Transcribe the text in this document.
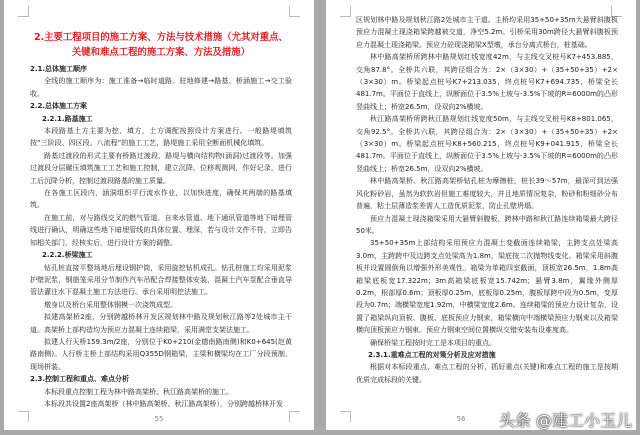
2.主要工程项目的施工方案、方法与技术措施（尤其对重点、关键和难点工程的施工方案、方法及措施）
2.1.总体施工顺序

全线的施工顺序为：施工准备→临时道路、驻地修建→路基、桥涵施工→交工验收。

2.2.总体施工方案
2.2.1.路基施工

本段路基土方主要为挖、填方，土方调配按照设计方案进行。一般路堤填筑按“三阶段、四区段、八流程”的施工工艺，路堤施工采用全断面机械化填筑。

路基过渡段的形式主要有桥路过渡段、路堤与横向结构物(涵洞)过渡段等。加强过渡段分层碾压填筑施工工艺和施工控制，建立沉降、位移观测网，作好记录，进行工后沉降分析，控制过渡段路基的施工质量。

在各施工区段内，涵洞组织平行流水作业，以加快进度，确保其两端的路基填筑。

在施工前，对与路线交叉的燃气管道、自来水管道、地下通讯管道等地下暗埋管线进行确认，明确这些地下暗埋管线的具体位置、埋深，若与设计文件不符，立即告知相关部门，经核实后，进行设计方案的调整。

2.2.2.桥梁施工

钻孔桩直接平整场地后埋设钢护筒，采用旋挖钻机成孔。钻孔桩施工均采用泥浆护壁泥浆，钢筋笼采用分节制作汽车吊配合焊接整体安装，混凝土汽车泵配合垂直导管法灌注水下混凝土施工方法进行。承台采用明挖法施工。

墩身以及桥台采用整体钢模一次浇筑成型。

拟建高架桥2座，分别跨越桥林开发区规划林中路及规划秋江路等2处城市主干道。高架桥上部构造均为预应力混凝土连续箱梁，采用满堂支架法施工。

拟建人行天桥159.3m/2座，分别位于K0+210(金德南路南侧)和K0+645(赵黄路南侧)。人行桥主桥上部结构采用Q355D钢箱梁，主梁和横梁均在工厂分段预制，现场拼装。

2.3.控制工程和重点、难点分析

本标段重点控制工程为林中路高架桥、秋江路高架桥的施工。

本标段共设置2座高架桥（林中路高架桥、秋江路高架桥），分别跨越桥林开发

55

区规划林中路及规划秋江路2处城市主干道。主桥均采用35+50+35m大悬臂斜腹板预应力混凝土现浇箱梁跨越被交道，净空5.2m。引桥采用30m跨径大悬臂斜腹板预应力混凝土现浇箱梁。预应力砼现浇箱梁X型墩，承台分离式桥台，桩基础。

林中路高架桥所跨林中路规划红线宽度42m，与主线交叉桩号K7+453.885，交角87.8°。全桥共六联，其跨径组合为：2×（3×30）+（35+50+35）+2×（3×30）m。桥梁起点桩号K7+213.035，终点桩号K7+694.735，桥梁全长481.7m。平面位于直线上，纵断面位于3.5%上坡与-3.5%下坡的R=6000m的凸形竖曲线上；桥宽26.5m，设双向2%横坡。

秋江路高架桥所跨秋江路规划红线宽度50m，与主线交叉桩号K8+801.065，交角92.5°。全桥共六联，其跨径组合为：2×（3×30）+（35+50+35）+2×（3×30）m。桥梁起点桩号K8+560.215，终点桩号K9+041.915，桥梁全长481.7m。平面位于直线上，纵断面位于3.5%上坡与-3.5%下坡的R=6000m的凸形竖曲线上；桥宽26.5m，设双向2%横坡。

林中路高架桥、秋江路高架桥钻孔桩为摩擦桩，桩长39～57m，最深可到达强风化粉砂岩，虽然为软软岩但施工难度较大，并且地质情况复杂，粉砂和粉细砂分布普遍，粘土层薄造浆差需人工造优质泥浆，防止孔壁坍塌。

预应力混凝土现浇箱梁采用大悬臂斜腹板，跨林中路和秋江路连续箱梁最大跨径50米。

35+50+35m上部结构采用预应力混凝土变截面连续箱梁，主跨支点处梁高3.0m，主跨跨中及边跨支点处梁高为1.8m，梁底按二次抛物线变化。箱梁采用斜腹板并设置圆倒角以增强外形美观性。箱梁为单箱四室截面，顶板宽26.5m，1.8m高箱梁底板宽17.322m；3m高箱梁底板宽15.742m；悬臂3.8m，翼缘外侧厚0.2m，根部厚0.6m；顶板厚0.25m，底板厚0.25m，腹板厚跨中段为0.5m，变厚段为0.7m；端横梁宽度1.92m，中横梁宽度2.6m。连续箱梁的预应力设计复杂，设置了箱梁纵向顶板、腹板、底板预应力钢束，箱梁横向中端横梁预应力钢束以及箱梁横向顶板预应力钢束。预应力钢束空间位置横纵交错安装布设难度高。

确保桥梁工程按时完工是本项目的重点。

2.3.1.重难点工程的对策分析及应对措施

根据对本标段重点、难点工程的分析，抓好重点(关键)和难点工程的施工是按期优质完成标段的关键。

56	头条 @建工小玉儿
